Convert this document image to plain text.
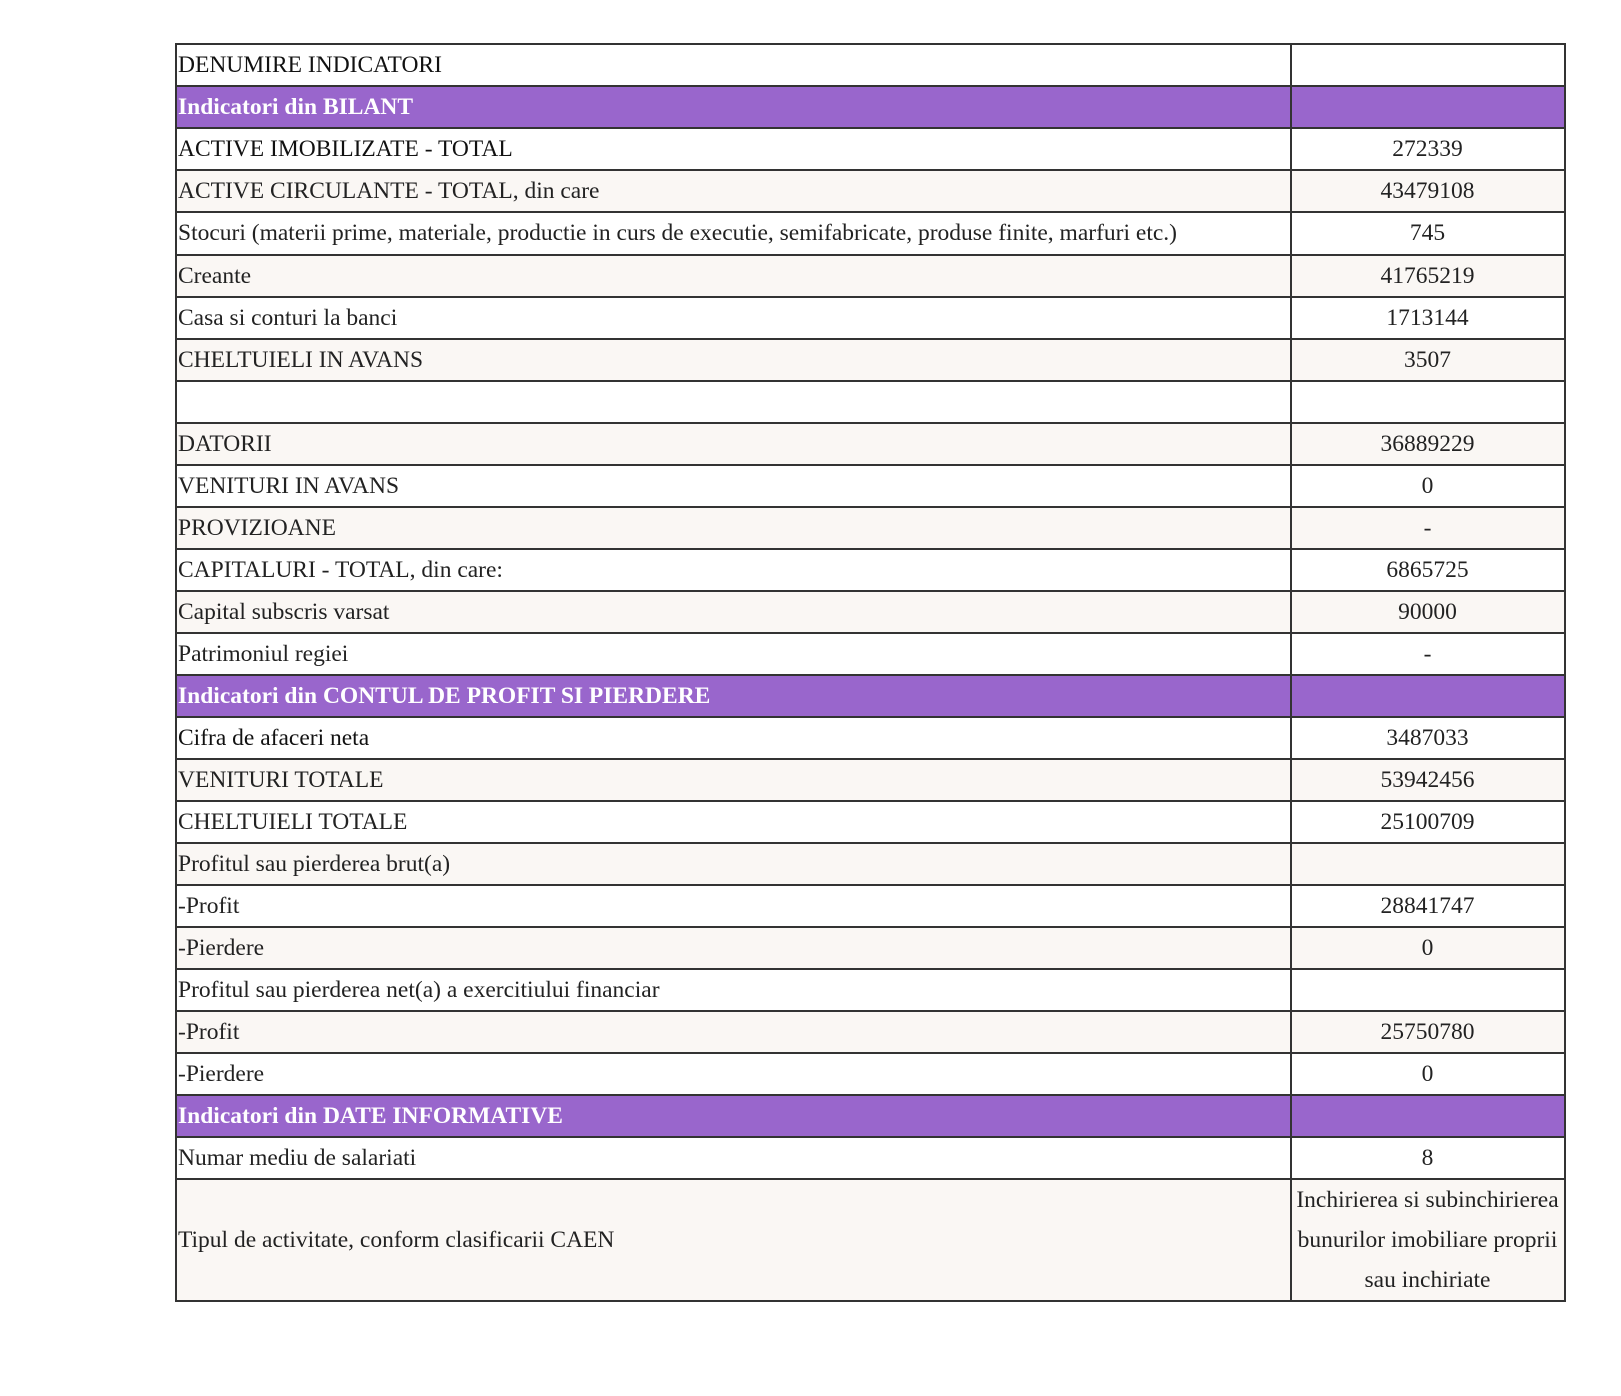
DENUMIRE INDICATORI	
Indicatori din BILANT	
ACTIVE IMOBILIZATE - TOTAL	272339
ACTIVE CIRCULANTE - TOTAL, din care	43479108
Stocuri (materii prime, materiale, productie in curs de executie, semifabricate, produse finite, marfuri etc.)	745
Creante	41765219
Casa si conturi la banci	1713144
CHELTUIELI IN AVANS	3507

DATORII	36889229
VENITURI IN AVANS	0
PROVIZIOANE	-
CAPITALURI - TOTAL, din care:	6865725
Capital subscris varsat	90000
Patrimoniul regiei	-
Indicatori din CONTUL DE PROFIT SI PIERDERE	
Cifra de afaceri neta	3487033
VENITURI TOTALE	53942456
CHELTUIELI TOTALE	25100709
Profitul sau pierderea brut(a)	
-Profit	28841747
-Pierdere	0
Profitul sau pierderea net(a) a exercitiului financiar	
-Profit	25750780
-Pierdere	0
Indicatori din DATE INFORMATIVE	
Numar mediu de salariati	8
Tipul de activitate, conform clasificarii CAEN	Inchirierea si subinchirierea bunurilor imobiliare proprii sau inchiriate
